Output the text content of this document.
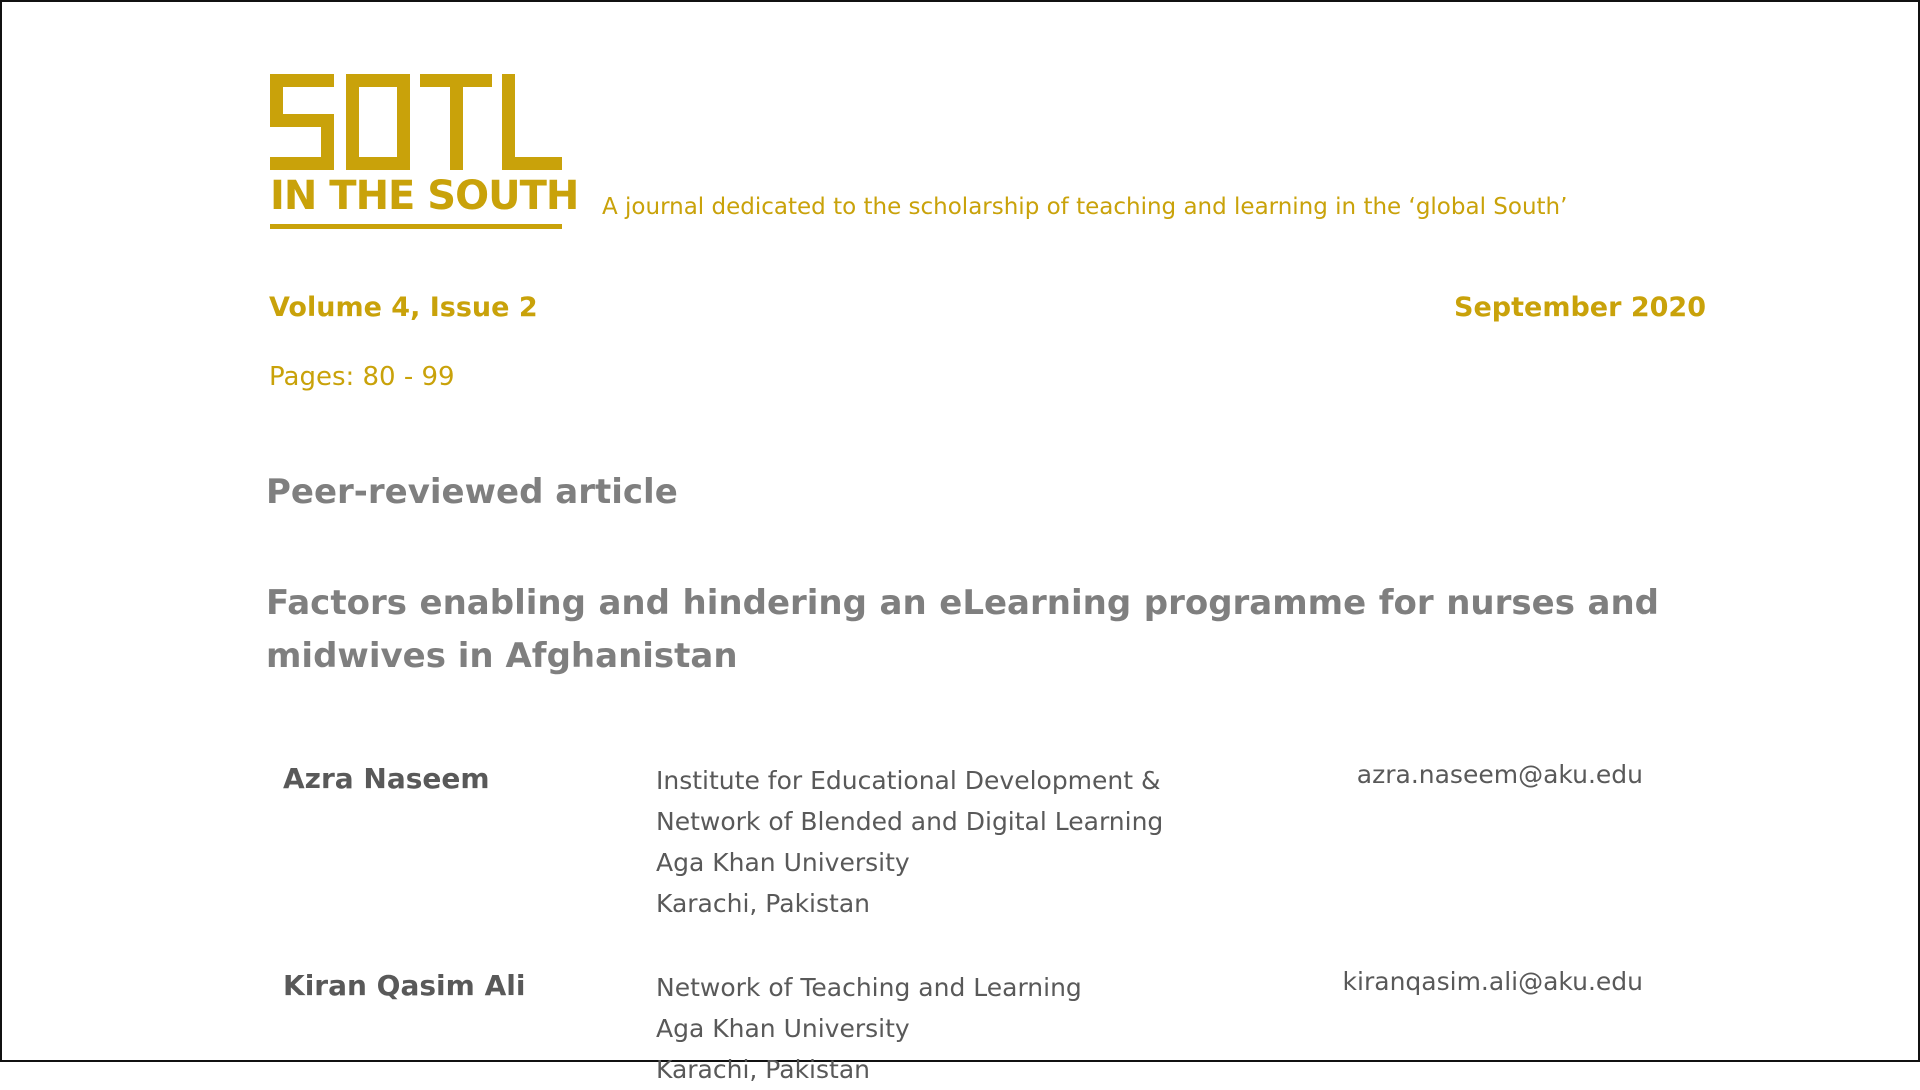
IN THE SOUTH A journal dedicated to the scholarship of teaching and learning in the ‘global South’
Volume 4, Issue 2	September 2020
Pages: 80 - 99
Peer-reviewed article

Factors enabling and hindering an eLearning programme for nurses and midwives in Afghanistan

Azra Naseem	Institute for Educational Development &
Network of Blended and Digital Learning
Aga Khan University
Karachi, Pakistan
azra.naseem@aku.edu
Kiran Qasim Ali	Network of Teaching and Learning
Aga Khan University
Karachi, Pakistan
kiranqasim.ali@aku.edu
